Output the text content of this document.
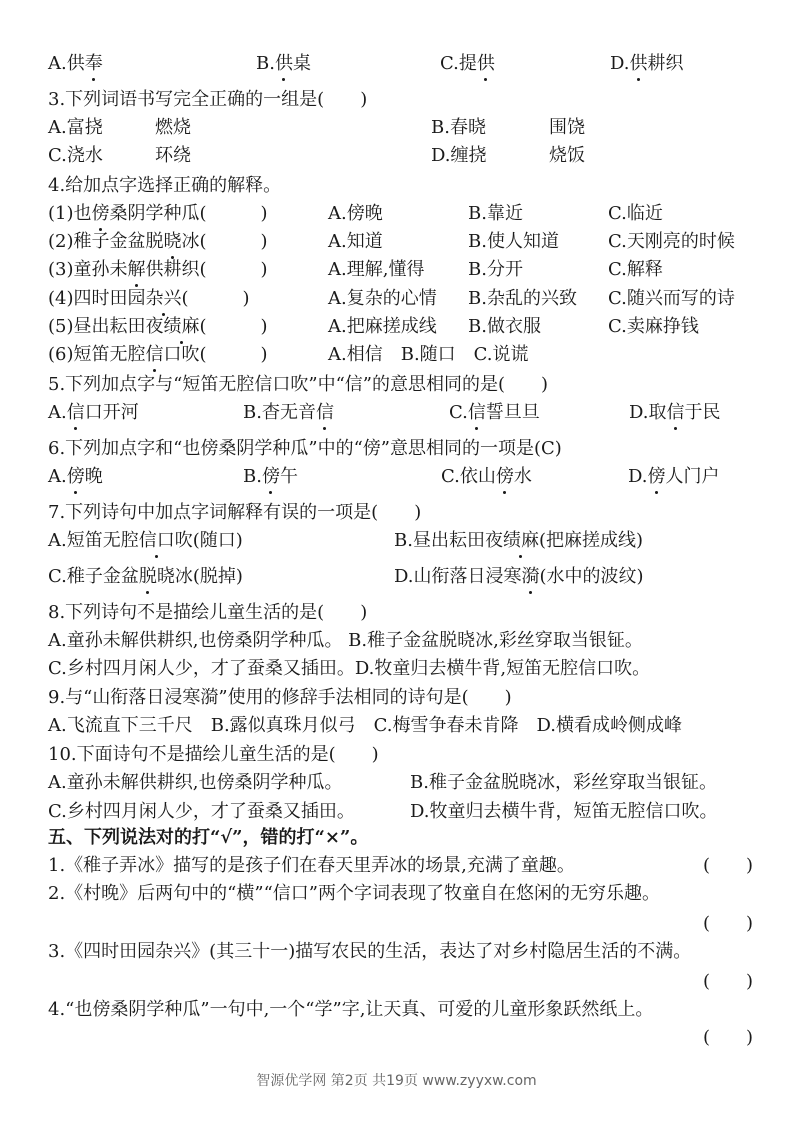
A.供奉	B.供桌	C.提供	D.供耕织
3.下列词语书写完全正确的一组是(　　)
A.富挠	燃烧	B.春晓	围饶
C.浇水	环绕	D.缠挠	烧饭
4.给加点字选择正确的解释。
(1)也傍桑阴学种瓜(　　　)	A.傍晚	B.靠近	C.临近
(2)稚子金盆脱晓冰(　　　)	A.知道	B.使人知道	C.天刚亮的时候
(3)童孙未解供耕织(　　　)	A.理解,懂得 B.分开	C.解释
(4)四时田园杂兴(　　　)	A.复杂的心情 B.杂乱的兴致 C.随兴而写的诗
(5)昼出耘田夜绩麻(　　　)	A.把麻搓成线 B.做衣服	C.卖麻挣钱
(6)短笛无腔信口吹(　　　)	A.相信　B.随口　C.说谎
5.下列加点字与“短笛无腔信口吹”中“信”的意思相同的是(　　)
A.信口开河	B.杳无音信	C.信誓旦旦	D.取信于民
6.下列加点字和“也傍桑阴学种瓜”中的“傍”意思相同的一项是(C)
A.傍晚	B.傍午	C.依山傍水	D.傍人门户
7.下列诗句中加点字词解释有误的一项是(　　)
A.短笛无腔信口吹(随口)	B.昼出耘田夜绩麻(把麻搓成线)
C.稚子金盆脱晓冰(脱掉)	D.山衔落日浸寒漪(水中的波纹)
8.下列诗句不是描绘儿童生活的是(　　)
A.童孙未解供耕织,也傍桑阴学种瓜。 B.稚子金盆脱晓冰,彩丝穿取当银钲。
C.乡村四月闲人少，才了蚕桑又插田。D.牧童归去横牛背,短笛无腔信口吹。
9.与“山衔落日浸寒漪”使用的修辞手法相同的诗句是(　　)
A.飞流直下三千尺　B.露似真珠月似弓　C.梅雪争春未肯降　D.横看成岭侧成峰
10.下面诗句不是描绘儿童生活的是(　　)
A.童孙未解供耕织,也傍桑阴学种瓜。	B.稚子金盆脱晓冰，彩丝穿取当银钲。
C.乡村四月闲人少，才了蚕桑又插田。	D.牧童归去横牛背，短笛无腔信口吹。
五、下列说法对的打“√”，错的打“×”。
1.《稚子弄冰》描写的是孩子们在春天里弄冰的场景,充满了童趣。	(　　)
2.《村晚》后两句中的“横”“信口”两个字词表现了牧童自在悠闲的无穷乐趣。
(　　)
3.《四时田园杂兴》(其三十一)描写农民的生活，表达了对乡村隐居生活的不满。
(　　)
4.“也傍桑阴学种瓜”一句中,一个“学”字,让天真、可爱的儿童形象跃然纸上。
(　　)
智源优学网 第2页 共19页 www.zyyxw.com
